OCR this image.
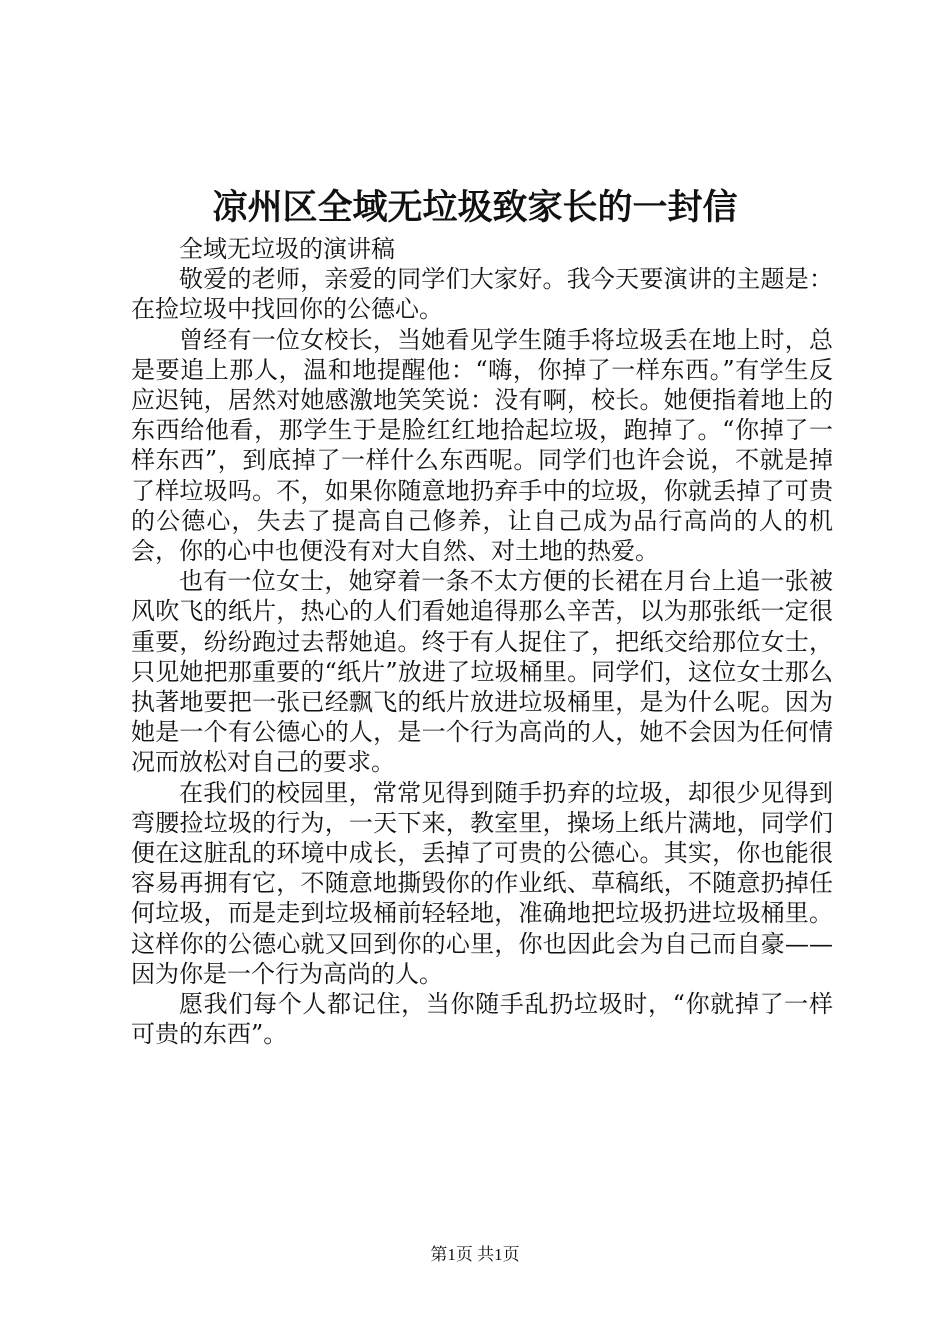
凉州区全域无垃圾致家长的一封信

全域无垃圾的演讲稿

敬爱的老师，亲爱的同学们大家好。我今天要演讲的主题是：在捡垃圾中找回你的公德心。

曾经有一位女校长，当她看见学生随手将垃圾丢在地上时，总是要追上那人，温和地提醒他：“嗨，你掉了一样东西。”有学生反应迟钝，居然对她感激地笑笑说：没有啊，校长。她便指着地上的东西给他看，那学生于是脸红红地拾起垃圾，跑掉了。“你掉了一样东西”，到底掉了一样什么东西呢。同学们也许会说，不就是掉了样垃圾吗。不，如果你随意地扔弃手中的垃圾，你就丢掉了可贵的公德心，失去了提高自己修养，让自己成为品行高尚的人的机会，你的心中也便没有对大自然、对土地的热爱。

也有一位女士，她穿着一条不太方便的长裙在月台上追一张被风吹飞的纸片，热心的人们看她追得那么辛苦，以为那张纸一定很重要，纷纷跑过去帮她追。终于有人捉住了，把纸交给那位女士，只见她把那重要的“纸片”放进了垃圾桶里。同学们，这位女士那么执著地要把一张已经飘飞的纸片放进垃圾桶里，是为什么呢。因为她是一个有公德心的人，是一个行为高尚的人，她不会因为任何情况而放松对自己的要求。

在我们的校园里，常常见得到随手扔弃的垃圾，却很少见得到弯腰捡垃圾的行为，一天下来，教室里，操场上纸片满地，同学们便在这脏乱的环境中成长，丢掉了可贵的公德心。其实，你也能很容易再拥有它，不随意地撕毁你的作业纸、草稿纸，不随意扔掉任何垃圾，而是走到垃圾桶前轻轻地，准确地把垃圾扔进垃圾桶里。这样你的公德心就又回到你的心里，你也因此会为自己而自豪——因为你是一个行为高尚的人。

愿我们每个人都记住，当你随手乱扔垃圾时，“你就掉了一样可贵的东西”。

第1页 共1页
